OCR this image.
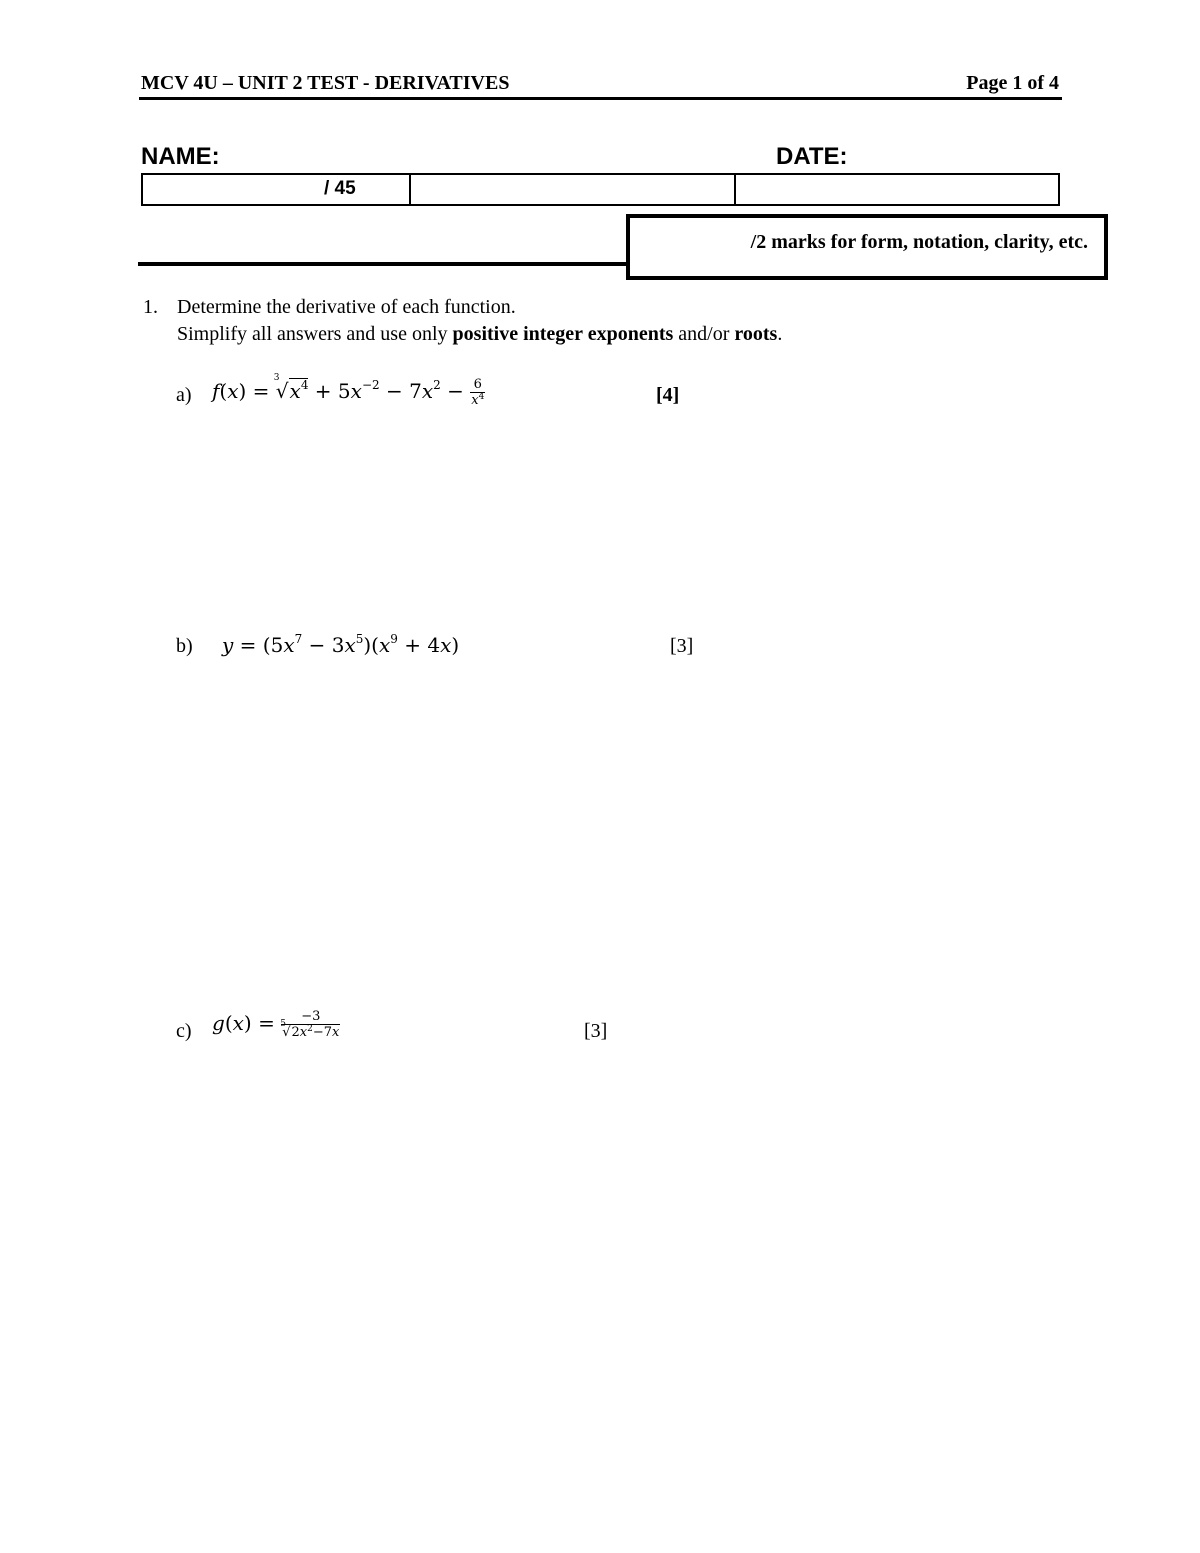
MCV 4U – UNIT 2 TEST - DERIVATIVES	Page 1 of 4
NAME:	DATE:
/ 45
/2 marks for form, notation, clarity, etc.
1. Determine the derivative of each function.
Simplify all answers and use only positive integer exponents and/or roots.
a) f(x) =
3
$√x^4 + 5x^{-2} - 7x^2 - \frac{6}{x^4}$	[4]
b) $y = (5x^7 - 3x^5)(x^9 + 4x)$	[3]
c) g(x) = −3
5
$√2x^2-7x$	[3]
